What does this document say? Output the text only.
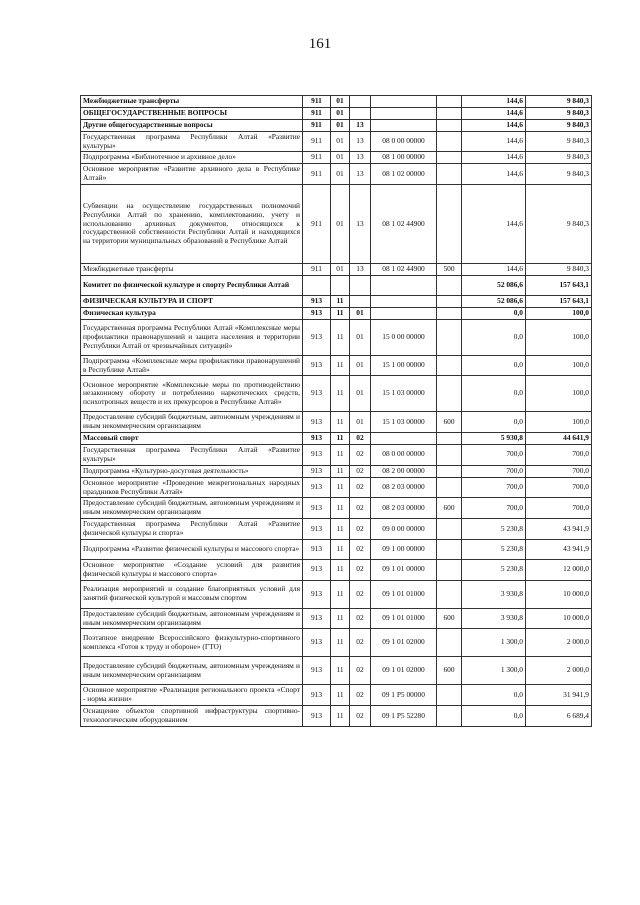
161
Межбюджетные трансферты	911	01				144,6	9 840,3
ОБЩЕГОСУДАРСТВЕННЫЕ ВОПРОСЫ	911	01				144,6	9 840,3
Другие общегосударственные вопросы	911	01	13			144,6	9 840,3
Государственная программа Республики Алтай «Развитие культуры»	911	01	13	08 0 00 00000		144,6	9 840,3
Подпрограмма «Библиотечное и архивное дело»	911	01	13	08 1 00 00000		144,6	9 840,3
Основное мероприятие «Развитие архивного дела в Республике Алтай»	911	01	13	08 1 02 00000		144,6	9 840,3
Субвенции на осуществление государственных полномочий Республики Алтай по хранению, комплектованию, учету и использованию архивных документов, относящихся к государственной собственности Республики Алтай и находящихся на территории муниципальных образований в Республике Алтай	911	01	13	08 1 02 44900		144,6	9 840,3
Межбюджетные трансферты	911	01	13	08 1 02 44900	500	144,6	9 840,3
Комитет по физической культуре и спорту Республики Алтай						52 086,6	157 643,1
ФИЗИЧЕСКАЯ КУЛЬТУРА И СПОРТ	913	11				52 086,6	157 643,1
Физическая культура	913	11	01			0,0	100,0
Государственная программа Республики Алтай «Комплексные меры профилактики правонарушений и защита населения и территории Республики Алтай от чрезвычайных ситуаций»	913	11	01	15 0 00 00000		0,0	100,0
Подпрограмма «Комплексные меры профилактики правонарушений в Республике Алтай»	913	11	01	15 1 00 00000		0,0	100,0
Основное мероприятие «Комплексные меры по противодействию незаконному обороту и потреблению наркотических средств, психотропных веществ и их прекурсоров в Республике Алтай»	913	11	01	15 1 03 00000		0,0	100,0
Предоставление субсидий бюджетным, автономным учреждениям и иным некоммерческим организациям	913	11	01	15 1 03 00000	600	0,0	100,0
Массовый спорт	913	11	02			5 930,8	44 641,9
Государственная программа Республики Алтай «Развитие культуры»	913	11	02	08 0 00 00000		700,0	700,0
Подпрограмма «Культурно-досуговая деятельность»	913	11	02	08 2 00 00000		700,0	700,0
Основное мероприятие «Проведение межрегиональных народных праздников Республики Алтай»	913	11	02	08 2 03 00000		700,0	700,0
Предоставление субсидий бюджетным, автономным учреждениям и иным некоммерческим организациям	913	11	02	08 2 03 00000	600	700,0	700,0
Государственная программа Республики Алтай «Развитие физической культуры и спорта»	913	11	02	09 0 00 00000		5 230,8	43 941,9
Подпрограмма «Развитие физической культуры и массового спорта»	913	11	02	09 1 00 00000		5 230,8	43 941,9
Основное мероприятие «Создание условий для развития физической культуры и массового спорта»	913	11	02	09 1 01 00000		5 230,8	12 000,0
Реализация мероприятий и создание благоприятных условий для занятий физической культурой и массовым спортом	913	11	02	09 1 01 01000		3 930,8	10 000,0
Предоставление субсидий бюджетным, автономным учреждениям и иным некоммерческим организациям	913	11	02	09 1 01 01000	600	3 930,8	10 000,0
Поэтапное внедрение Всероссийского физкультурно-спортивного комплекса «Готов к труду и обороне» (ГТО)	913	11	02	09 1 01 02000		1 300,0	2 000,0
Предоставление субсидий бюджетным, автономным учреждениям и иным некоммерческим организациям	913	11	02	09 1 01 02000	600	1 300,0	2 000,0
Основное мероприятие «Реализация регионального проекта «Спорт - норма жизни»	913	11	02	09 1 P5 00000		0,0	31 941,9
Оснащение объектов спортивной инфраструктуры спортивно-технологическим оборудованием	913	11	02	09 1 P5 52280		0,0	6 689,4
